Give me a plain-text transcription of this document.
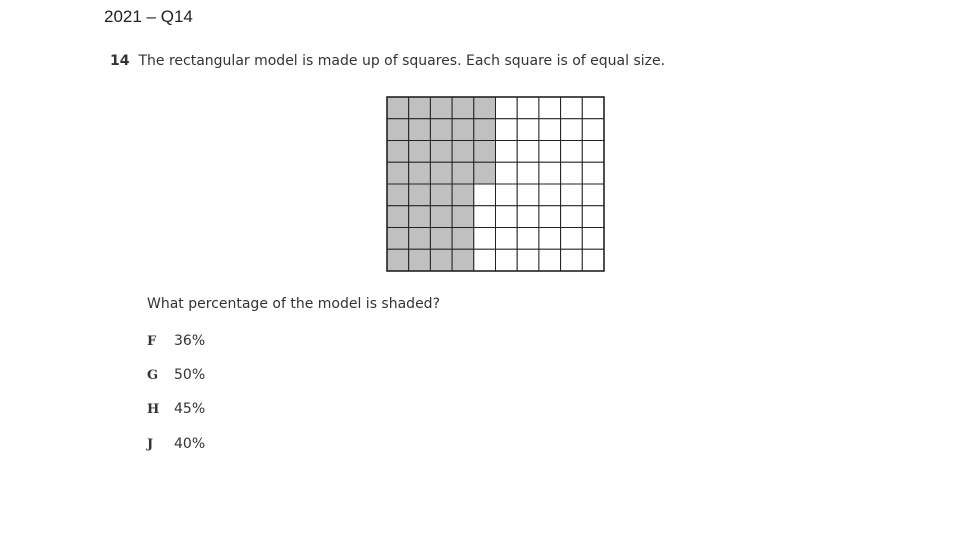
2021 – Q14
14 The rectangular model is made up of squares. Each square is of equal size.
What percentage of the model is shaded?
F 36%
G 50%
H 45%
J 40%
